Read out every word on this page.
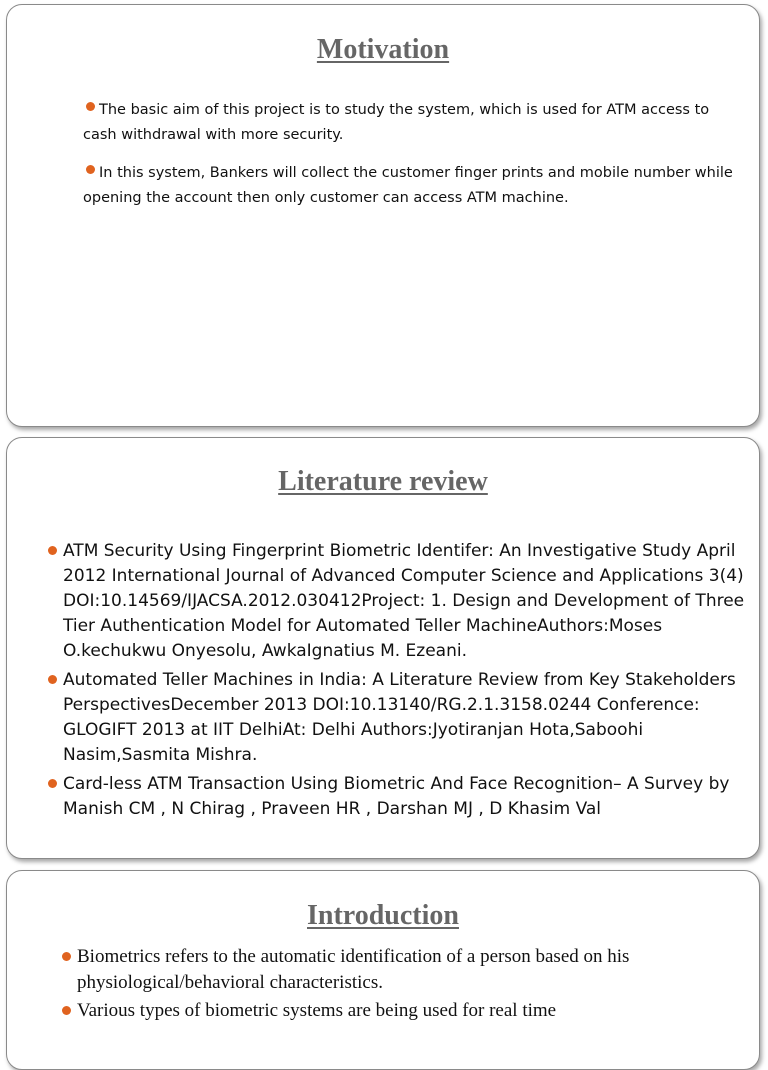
Motivation
The basic aim of this project is to study the system, which is used for ATM access to cash withdrawal with more security.
In this system, Bankers will collect the customer finger prints and mobile number while opening the account then only customer can access ATM machine.
Literature review
ATM Security Using Fingerprint Biometric Identifer: An Investigative Study April 2012 International Journal of Advanced Computer Science and Applications 3(4) DOI:10.14569/IJACSA.2012.030412Project: 1. Design and Development of Three Tier Authentication Model for Automated Teller MachineAuthors:Moses O.kechukwu Onyesolu, AwkaIgnatius M. Ezeani.
Automated Teller Machines in India: A Literature Review from Key Stakeholders PerspectivesDecember 2013 DOI:10.13140/RG.2.1.3158.0244 Conference: GLOGIFT 2013 at IIT DelhiAt: Delhi Authors:Jyotiranjan Hota,Saboohi Nasim,Sasmita Mishra.
Card-less ATM Transaction Using Biometric And Face Recognition– A Survey by Manish CM , N Chirag , Praveen HR , Darshan MJ , D Khasim Val
Introduction
Biometrics refers to the automatic identification of a person based on his physiological/behavioral characteristics.
Various types of biometric systems are being used for real time
